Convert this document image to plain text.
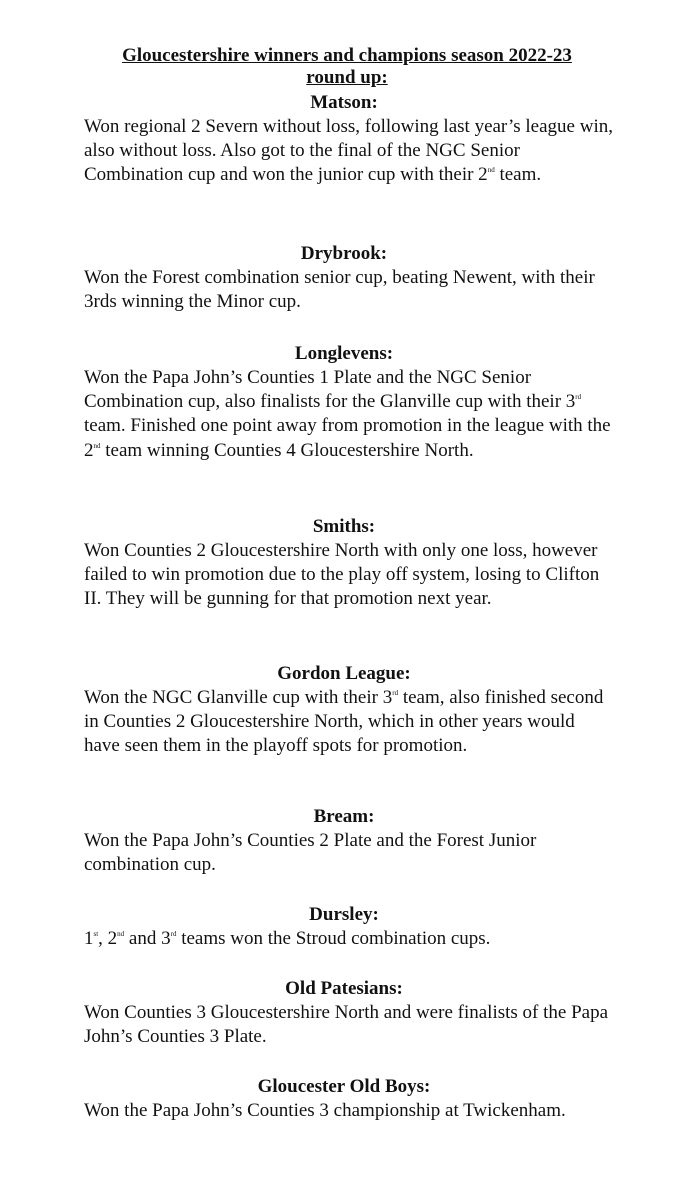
Gloucestershire winners and champions season 2022-23
round up:
Matson:

Won regional 2 Severn without loss, following last year’s league win, also without loss. Also got to the final of the NGC Senior Combination cup and won the junior cup with their 2nd team.

Drybrook:

Won the Forest combination senior cup, beating Newent, with their 3rds winning the Minor cup.

Longlevens:

Won the Papa John’s Counties 1 Plate and the NGC Senior Combination cup, also finalists for the Glanville cup with their 3rd team. Finished one point away from promotion in the league with the 2nd team winning Counties 4 Gloucestershire North.

Smiths:

Won Counties 2 Gloucestershire North with only one loss, however failed to win promotion due to the play off system, losing to Clifton II. They will be gunning for that promotion next year.

Gordon League:

Won the NGC Glanville cup with their 3rd team, also finished second in Counties 2 Gloucestershire North, which in other years would have seen them in the playoff spots for promotion.

Bream:

Won the Papa John’s Counties 2 Plate and the Forest Junior combination cup.

Dursley:

1st, 2nd and 3rd teams won the Stroud combination cups.

Old Patesians:

Won Counties 3 Gloucestershire North and were finalists of the Papa John’s Counties 3 Plate.

Gloucester Old Boys:

Won the Papa John’s Counties 3 championship at Twickenham.
